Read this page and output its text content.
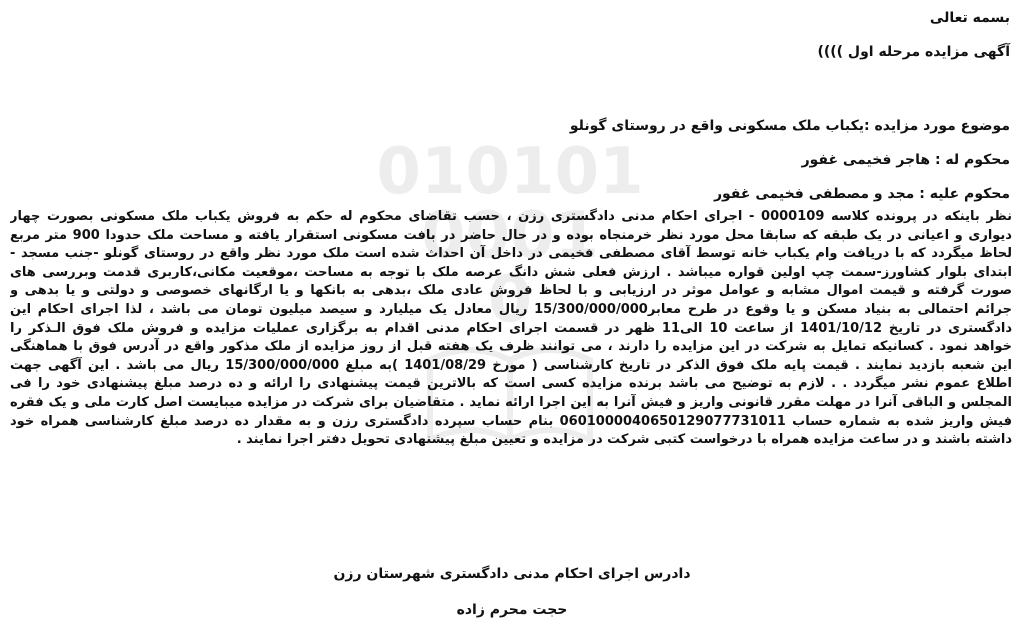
010101
0001
0
بسمه تعالی
آگهی مزایده مرحله اول ))))
موضوع مورد مزایده :یکباب ملک مسکونی واقع در روستای گونلو
محکوم له : هاجر فخیمی غفور
محکوم علیه : مجد و مصطفی فخیمی غفور
نظر باینکه در پرونده کلاسه 0000109 - اجرای احکام مدنی دادگستری رزن ، حسب تقاضای محکوم له حکم به فروش یکباب ملک مسکونی بصورت چهار
دیواری و اعیانی در یک طبقه که سابقا محل مورد نظر خرمنجاه بوده و در حال حاضر در بافت مسکونی استقرار یافته و مساحت ملک حدودا 900 متر مربع
لحاظ میگردد که با دریافت وام یکباب خانه توسط آقای مصطفی فخیمی در داخل آن احداث شده است ملک مورد نظر واقع در روستای گونلو -جنب مسجد -
ابتدای بلوار کشاورز-سمت چپ اولین قواره میباشد . ارزش فعلی شش دانگ عرصه ملک با توجه به مساحت ،موقعیت مکانی،کاربری قدمت وبررسی های
صورت گرفته و قیمت اموال مشابه و عوامل موثر در ارزیابی و با لحاظ فروش عادی ملک ،بدهی به بانکها و یا ارگانهای خصوصی و دولتی و یا بدهی و
جرائم احتمالی به بنیاد مسکن و یا وقوع در طرح معابر15/300/000/000 ریال معادل یک میلیارد و سیصد میلیون تومان می باشد ، لذا اجرای احکام این
دادگستری در تاریخ 1401/10/12 از ساعت 10 الی11 ظهر در قسمت اجرای احکام مدنی اقدام به برگزاری عملیات مزایده و فروش ملک فوق الـذکر را
خواهد نمود . کسانیکه تمایل به شرکت در این مزایده را دارند ، می توانند ظرف یک هفته قبل از روز مزایده از ملک مذکور واقع در آدرس فوق با هماهنگی
این شعبه بازدید نمایند . قیمت پایه ملک فوق الذکر در تاریخ کارشناسی ( مورخ 1401/08/29 )به مبلغ 15/300/000/000 ریال می باشد . این آگهی جهت
اطلاع عموم نشر میگردد . . لازم به توضیح می باشد برنده مزایده کسی است که بالاترین قیمت پیشنهادی را ارائه و ده درصد مبلغ پیشنهادی خود را فی
المجلس و الباقی آنرا در مهلت مقرر قانونی واریز و فیش آنرا به این اجرا ارائه نماید . متقاضیان برای شرکت در مزایده میبایست اصل کارت ملی و یک فقره
فیش واریز شده به شماره حساب 0601000040650129077731011 بنام حساب سپرده دادگستری رزن و به مقدار ده درصد مبلغ کارشناسی همراه خود
داشته باشند و در ساعت مزایده همراه با درخواست کتبی شرکت در مزایده و تعیین مبلغ پیشنهادی تحویل دفتر اجرا نمایند .
دادرس اجرای احکام مدنی دادگستری شهرستان رزن
حجت محرم زاده
